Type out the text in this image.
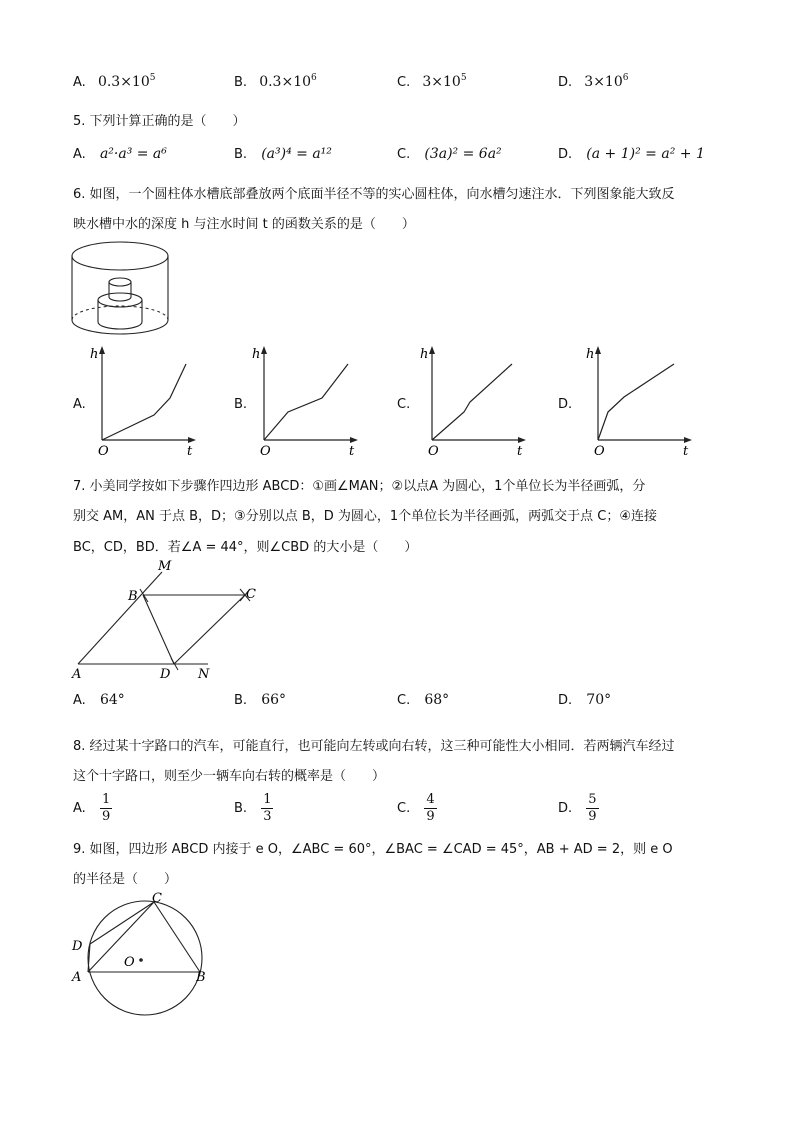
A. $0.3\times 10^5$	B. $0.3\times 10^6$	C. $3\times 10^5$	D. $3\times 10^6$
5. 下列计算正确的是（　　）
A. a²·a³ = a⁶	B. (a³)⁴ = a¹²	C. (3a)² = 6a²	D. (a + 1)² = a² + 1
6. 如图，一个圆柱体水槽底部叠放两个底面半径不等的实心圆柱体，向水槽匀速注水．下列图象能大致反
映水槽中水的深度 h 与注水时间 t 的函数关系的是（　　）
A.
h
O	t
B.
h
O	t
C.
h
O	t
D.
h
O	t
7. 小美同学按如下步骤作四边形 ABCD：①画∠MAN；②以点A 为圆心，1个单位长为半径画弧，分
别交 AM，AN 于点 B，D；③分别以点 B，D 为圆心，1个单位长为半径画弧，两弧交于点 C；④连接
BC，CD，BD．若∠A = 44°，则∠CBD 的大小是（　　）
M
B	C
A	D N
A. 64°	B. 66°	C. 68°	D. 70°
8. 经过某十字路口的汽车，可能直行，也可能向左转或向右转，这三种可能性大小相同．若两辆汽车经过
这个十字路口，则至少一辆车向右转的概率是（　　）
A. $\frac{1}{9}$	B. $\frac{1}{3}$	C. $\frac{4}{9}$	D. $\frac{5}{9}$
9. 如图，四边形 ABCD 内接于 e O，∠ABC = 60°，∠BAC = ∠CAD = 45°，AB + AD = 2，则 e O
的半径是（　　）
C
D
A	B
O
